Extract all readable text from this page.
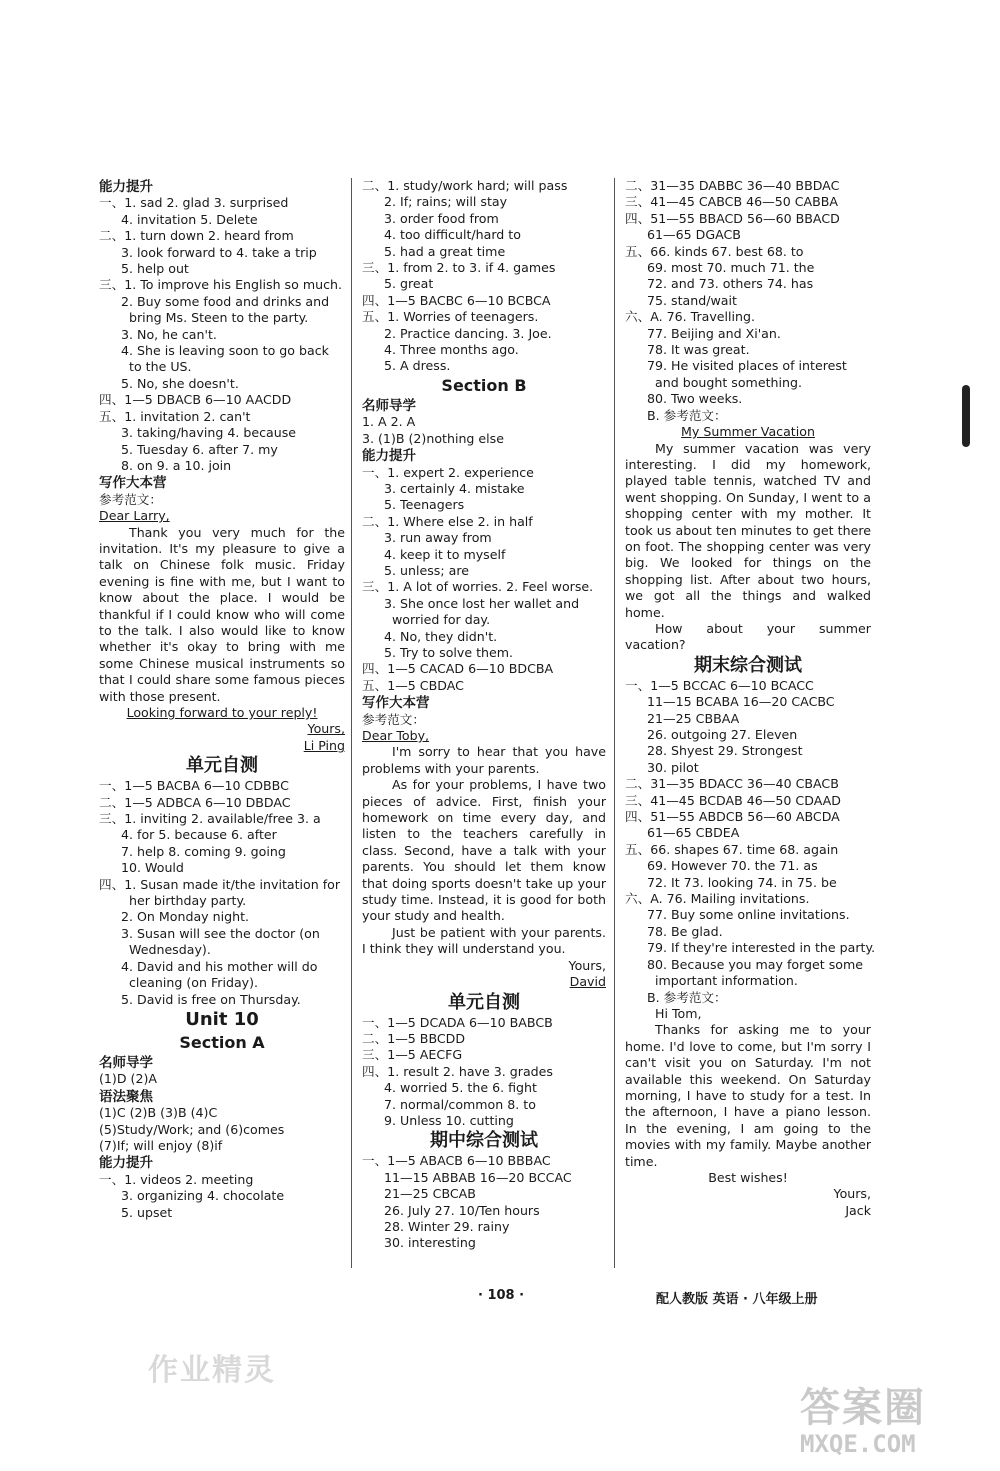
能力提升
一、1. sad 2. glad 3. surprised
4. invitation 5. Delete
二、1. turn down 2. heard from
3. look forward to 4. take a trip
5. help out
三、1. To improve his English so much.
2. Buy some food and drinks and
bring Ms. Steen to the party.
3. No, he can't.
4. She is leaving soon to go back
to the US.
5. No, she doesn't.
四、1—5 DBACB 6—10 AACDD
五、1. invitation 2. can't
3. taking/having 4. because
5. Tuesday 6. after 7. my
8. on 9. a 10. join
写作大本营
参考范文：
Dear Larry,
Thank you very much for the invitation. It's my pleasure to give a talk on Chinese folk music. Friday evening is fine with me, but I want to know about the place. I would be thankful if I could know who will come to the talk. I also would like to know whether it's okay to bring with me some Chinese musical instruments so that I could share some famous pieces with those present.
Looking forward to your reply!
Yours,
Li Ping
单元自测
一、1—5 BACBA 6—10 CDBBC
二、1—5 ADBCA 6—10 DBDAC
三、1. inviting 2. available/free 3. a
4. for 5. because 6. after
7. help 8. coming 9. going
10. Would
四、1. Susan made it/the invitation for
her birthday party.
2. On Monday night.
3. Susan will see the doctor (on
Wednesday).
4. David and his mother will do
cleaning (on Friday).
5. David is free on Thursday.
Unit 10
Section A
名师导学
(1)D (2)A
语法聚焦
(1)C (2)B (3)B (4)C
(5)Study/Work; and (6)comes
(7)If; will enjoy (8)if
能力提升
一、1. videos 2. meeting
3. organizing 4. chocolate
5. upset
二、1. study/work hard; will pass
2. If; rains; will stay
3. order food from
4. too difficult/hard to
5. had a great time
三、1. from 2. to 3. if 4. games
5. great
四、1—5 BACBC 6—10 BCBCA
五、1. Worries of teenagers.
2. Practice dancing. 3. Joe.
4. Three months ago.
5. A dress.
Section B
名师导学
1. A 2. A
3. (1)B (2)nothing else
能力提升
一、1. expert 2. experience
3. certainly 4. mistake
5. Teenagers
二、1. Where else 2. in half
3. run away from
4. keep it to myself
5. unless; are
三、1. A lot of worries. 2. Feel worse.
3. She once lost her wallet and
worried for day.
4. No, they didn't.
5. Try to solve them.
四、1—5 CACAD 6—10 BDCBA
五、1—5 CBDAC
写作大本营
参考范文：
Dear Toby,
I'm sorry to hear that you have problems with your parents.
As for your problems, I have two pieces of advice. First, finish your homework on time every day, and listen to the teachers carefully in class. Second, have a talk with your parents. You should let them know that doing sports doesn't take up your study time. Instead, it is good for both your study and health.
Just be patient with your parents. I think they will understand you.
Yours,
David
单元自测
一、1—5 DCADA 6—10 BABCB
二、1—5 BBCDD
三、1—5 AECFG
四、1. result 2. have 3. grades
4. worried 5. the 6. fight
7. normal/common 8. to
9. Unless 10. cutting
期中综合测试
一、1—5 ABACB 6—10 BBBAC
11—15 ABBAB 16—20 BCCAC
21—25 CBCAB
26. July 27. 10/Ten hours
28. Winter 29. rainy
30. interesting
二、31—35 DABBC 36—40 BBDAC
三、41—45 CABCB 46—50 CABBA
四、51—55 BBACD 56—60 BBACD
61—65 DGACB
五、66. kinds 67. best 68. to
69. most 70. much 71. the
72. and 73. others 74. has
75. stand/wait
六、A. 76. Travelling.
77. Beijing and Xi'an.
78. It was great.
79. He visited places of interest
and bought something.
80. Two weeks.
B. 参考范文：
My Summer Vacation
My summer vacation was very interesting. I did my homework, played table tennis, watched TV and went shopping. On Sunday, I went to a shopping center with my mother. It took us about ten minutes to get there on foot. The shopping center was very big. We looked for things on the shopping list. After about two hours, we got all the things and walked home.
How about your summer vacation?
期末综合测试
一、1—5 BCCAC 6—10 BCACC
11—15 BCABA 16—20 CACBC
21—25 CBBAA
26. outgoing 27. Eleven
28. Shyest 29. Strongest
30. pilot
二、31—35 BDACC 36—40 CBACB
三、41—45 BCDAB 46—50 CDAAD
四、51—55 ABDCB 56—60 ABCDA
61—65 CBDEA
五、66. shapes 67. time 68. again
69. However 70. the 71. as
72. It 73. looking 74. in 75. be
六、A. 76. Mailing invitations.
77. Buy some online invitations.
78. Be glad.
79. If they're interested in the party.
80. Because you may forget some
important information.
B. 参考范文：
Hi Tom,
Thanks for asking me to your home. I'd love to come, but I'm sorry I can't visit you on Saturday. I'm not available this weekend. On Saturday morning, I have to study for a test. In the afternoon, I have a piano lesson. In the evening, I am going to the movies with my family. Maybe another time.
Best wishes!
Yours,
Jack
· 108 ·	配人教版 英语 · 八年级上册
作业精灵
答案圈
MXQE.COM
